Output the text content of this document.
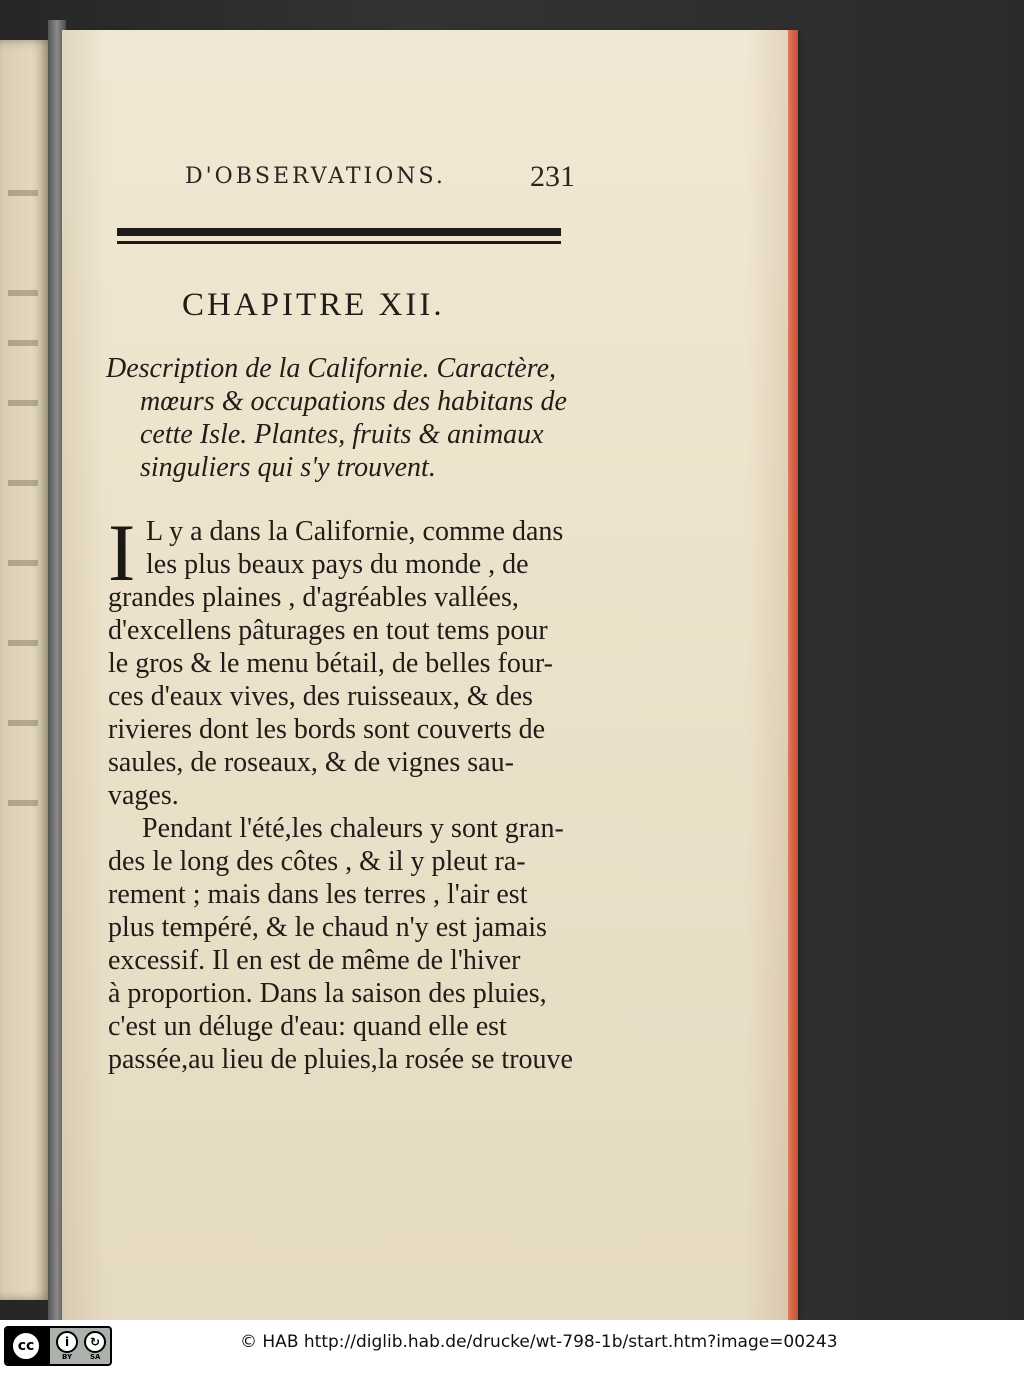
D'OBSERVATIONS.	231
CHAPITRE XII.
Description de la Californie. Caractère,
mœurs & occupations des habitans de
cette Isle. Plantes, fruits & animaux
singuliers qui s'y trouvent.
I L y a dans la Californie, comme dans
les plus beaux pays du monde , de
grandes plaines , d'agréables vallées,
d'excellens pâturages en tout tems pour
le gros & le menu bétail, de belles four-
ces d'eaux vives, des ruisseaux, & des
rivieres dont les bords sont couverts de
saules, de roseaux, & de vignes sau-
vages.
Pendant l'été,les chaleurs y sont gran-
des le long des côtes , & il y pleut ra-
rement ; mais dans les terres , l'air est
plus tempéré, & le chaud n'y est jamais
excessif. Il en est de même de l'hiver
à proportion. Dans la saison des pluies,
c'est un déluge d'eau: quand elle est
passée,au lieu de pluies,la rosée se trouve
cc	i	↻
BY	SA
© HAB http://diglib.hab.de/drucke/wt-798-1b/start.htm?image=00243
